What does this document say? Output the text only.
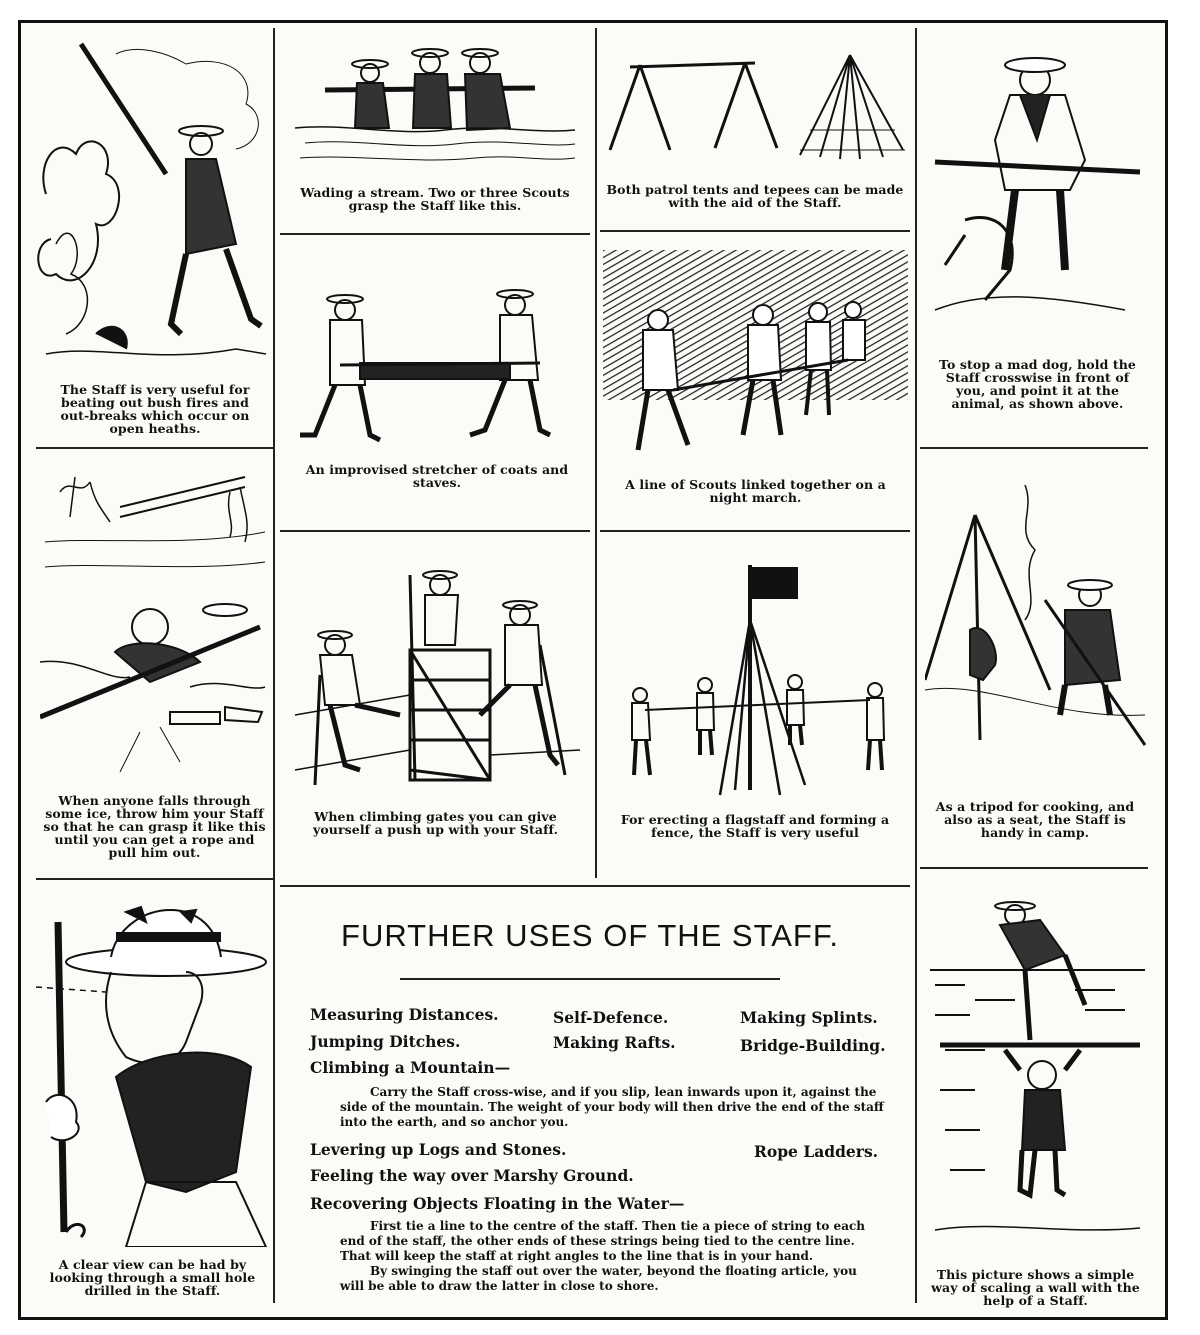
The Staff is very useful for beating out bush fires and out-breaks which occur on open heaths.
Wading a stream. Two or three Scouts grasp the Staff like this.
Both patrol tents and tepees can be made with the aid of the Staff.
To stop a mad dog, hold the Staff crosswise in front of you, and point it at the animal, as shown above.
An improvised stretcher of coats and staves.	A line of Scouts linked together on a night march.
When anyone falls through some ice, throw him your Staff so that he can grasp it like this until you can get a rope and pull him out.
When climbing gates you can give yourself a push up with your Staff.
For erecting a flagstaff and forming a fence, the Staff is very useful
As a tripod for cooking, and also as a seat, the Staff is handy in camp.
A clear view can be had by looking through a small hole drilled in the Staff.
This picture shows a simple way of scaling a wall with the help of a Staff.
FURTHER USES OF THE STAFF.
Measuring Distances.	Self-Defence.	Making Splints.
Jumping Ditches.	Making Rafts.	Bridge-Building.
Climbing a Mountain—
Carry the Staff cross-wise, and if you slip, lean inwards upon it, against the side of the mountain. The weight of your body will then drive the end of the staff into the earth, and so anchor you.
Levering up Logs and Stones.	Rope Ladders.
Feeling the way over Marshy Ground.
Recovering Objects Floating in the Water—
First tie a line to the centre of the staff. Then tie a piece of string to each end of the staff, the other ends of these strings being tied to the centre line. That will keep the staff at right angles to the line that is in your hand.
By swinging the staff out over the water, beyond the floating article, you will be able to draw the latter in close to shore.
